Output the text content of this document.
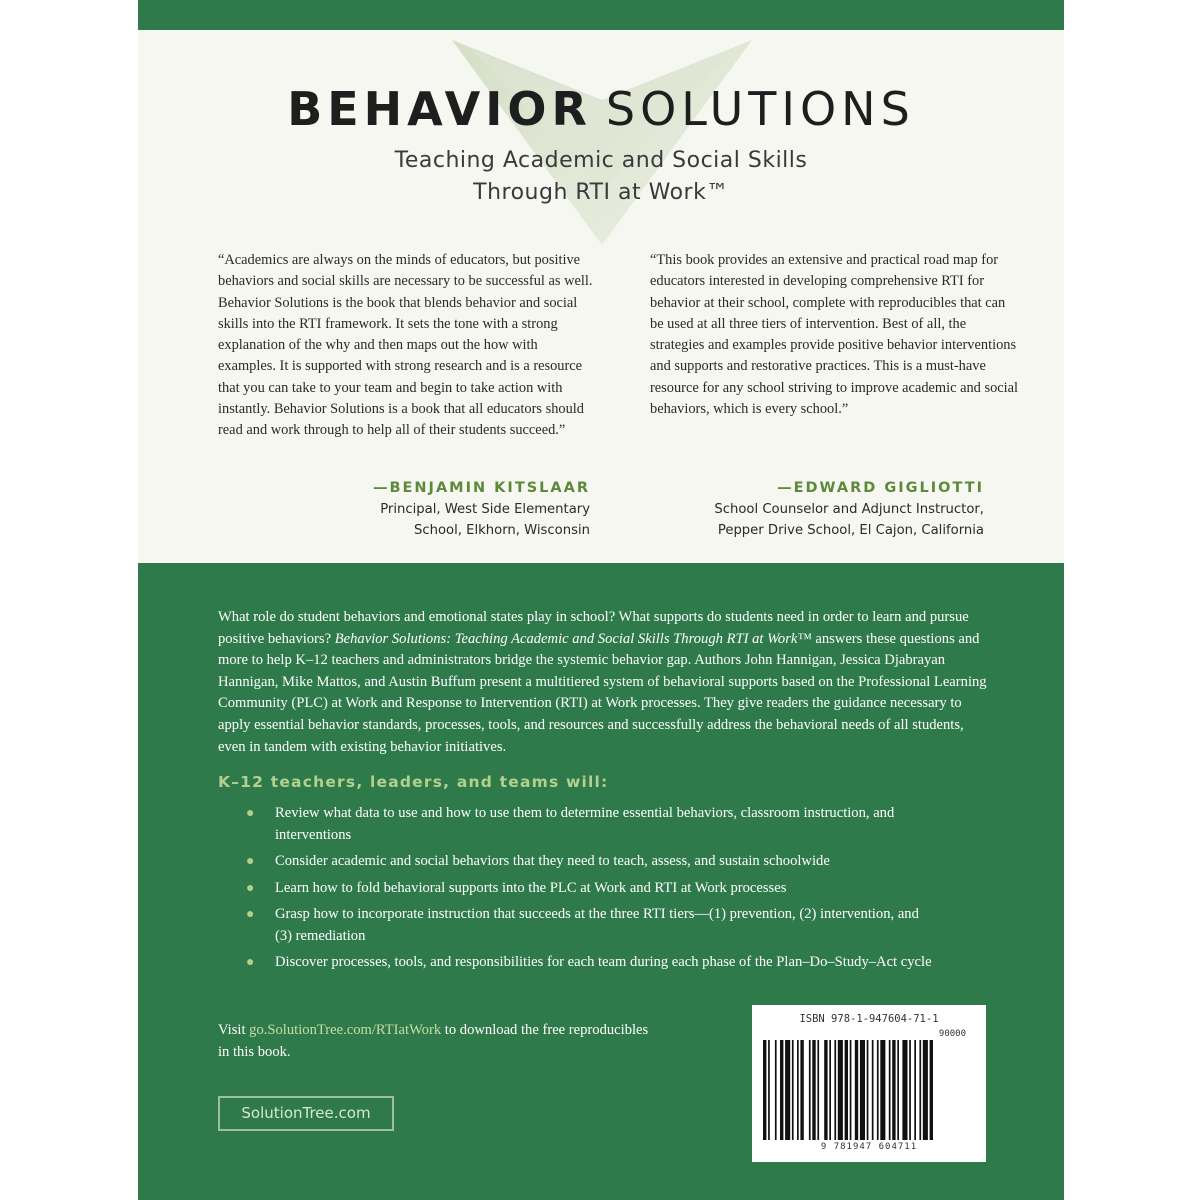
BEHAVIOR SOLUTIONS
Teaching Academic and Social Skills
Through RTI at Work™

“Academics are always on the minds of educators, but positive behaviors and social skills are necessary to be successful as well. Behavior Solutions is the book that blends behavior and social skills into the RTI framework. It sets the tone with a strong explanation of the why and then maps out the how with examples. It is supported with strong research and is a resource that you can take to your team and begin to take action with instantly. Behavior Solutions is a book that all educators should read and work through to help all of their students succeed.”

“This book provides an extensive and practical road map for educators interested in developing comprehensive RTI for behavior at their school, complete with reproducibles that can be used at all three tiers of intervention. Best of all, the strategies and examples provide positive behavior interventions and supports and restorative practices. This is a must-have resource for any school striving to improve academic and social behaviors, which is every school.”

—BENJAMIN KITSLAAR
Principal, West Side Elementary
School, Elkhorn, Wisconsin
—EDWARD GIGLIOTTI
School Counselor and Adjunct Instructor,
Pepper Drive School, El Cajon, California

What role do student behaviors and emotional states play in school? What supports do students need in order to learn and pursue positive behaviors? Behavior Solutions: Teaching Academic and Social Skills Through RTI at Work™ answers these questions and more to help K–12 teachers and administrators bridge the systemic behavior gap. Authors John Hannigan, Jessica Djabrayan Hannigan, Mike Mattos, and Austin Buffum present a multitiered system of behavioral supports based on the Professional Learning Community (PLC) at Work and Response to Intervention (RTI) at Work processes. They give readers the guidance necessary to apply essential behavior standards, processes, tools, and resources and successfully address the behavioral needs of all students, even in tandem with existing behavior initiatives.

K–12 teachers, leaders, and teams will:
● Review what data to use and how to use them to determine essential behaviors, classroom instruction, and interventions
● Consider academic and social behaviors that they need to teach, assess, and sustain schoolwide
● Learn how to fold behavioral supports into the PLC at Work and RTI at Work processes
● Grasp how to incorporate instruction that succeeds at the three RTI tiers—(1) prevention, (2) intervention, and (3) remediation
● Discover processes, tools, and responsibilities for each team during each phase of the Plan–Do–Study–Act cycle

Visit go.SolutionTree.com/RTIatWork to download the free reproducibles in this book.

SolutionTree.com
ISBN 978-1-947604-71-1
90000
9 781947 604711
